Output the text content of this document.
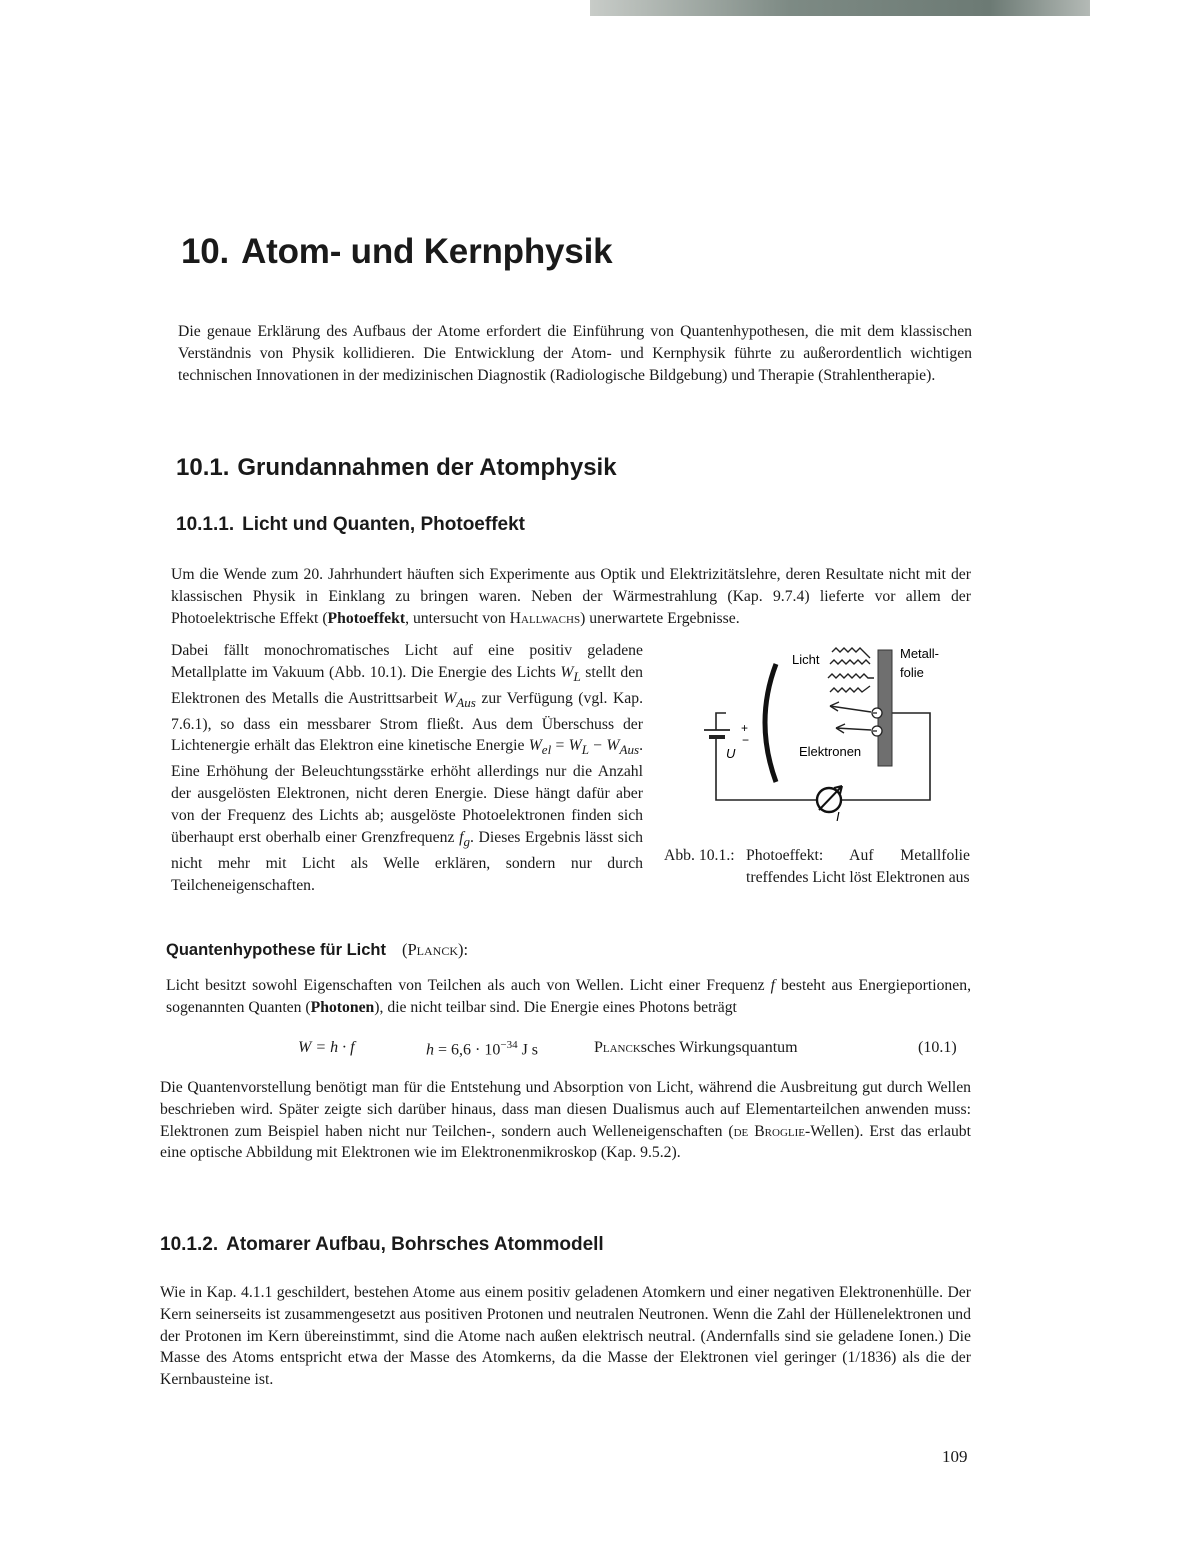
10. Atom- und Kernphysik
Die genaue Erklärung des Aufbaus der Atome erfordert die Einführung von Quantenhypothesen, die mit dem klassischen Verständnis von Physik kollidieren. Die Entwicklung der Atom- und Kernphysik führte zu außerordentlich wichtigen technischen Innovationen in der medizinischen Diagnostik (Radiologische Bildgebung) und Therapie (Strahlentherapie).
10.1. Grundannahmen der Atomphysik
10.1.1. Licht und Quanten, Photoeffekt
Um die Wende zum 20. Jahrhundert häuften sich Experimente aus Optik und Elektrizitätslehre, deren Resultate nicht mit der klassischen Physik in Einklang zu bringen waren. Neben der Wärmestrahlung (Kap. 9.7.4) lieferte vor allem der Photoelektrische Effekt (Photoeffekt, untersucht von Hallwachs) unerwartete Ergebnisse.
Dabei fällt monochromatisches Licht auf eine positiv geladene Metallplatte im Vakuum (Abb. 10.1). Die Energie des Lichts $W_L$ stellt den Elektronen des Metalls die Austrittsarbeit $W_{Aus}$ zur Verfügung (vgl. Kap. 7.6.1), so dass ein messbarer Strom fließt. Aus dem Überschuss der Lichtenergie erhält das Elektron eine kinetische Energie $W_{el} = W_L - W_{Aus}$. Eine Erhöhung der Beleuchtungsstärke erhöht allerdings nur die Anzahl der ausgelösten Elektronen, nicht deren Energie. Diese hängt dafür aber von der Frequenz des Lichts ab; ausgelöste Photoelektronen finden sich überhaupt erst oberhalb einer Grenzfrequenz $f_g$. Dieses Ergebnis lässt sich nicht mehr mit Licht als Welle erklären, sondern nur durch Teilcheneigenschaften.
+
−
U
Licht	Metall-
folie
Elektronen
I
Abb. 10.1.: Photoeffekt: Auf Metallfolie treffendes Licht löst Elektronen aus
Quantenhypothese für Licht (Planck):
Licht besitzt sowohl Eigenschaften von Teilchen als auch von Wellen. Licht einer Frequenz f besteht aus Energieportionen, sogenannten Quanten (Photonen), die nicht teilbar sind. Die Energie eines Photons beträgt
W = h · f	$h = 6,6 \cdot 10^{-34}$ J s	Plancksches Wirkungsquantum	(10.1)
Die Quantenvorstellung benötigt man für die Entstehung und Absorption von Licht, während die Ausbreitung gut durch Wellen beschrieben wird. Später zeigte sich darüber hinaus, dass man diesen Dualismus auch auf Elementarteilchen anwenden muss: Elektronen zum Beispiel haben nicht nur Teilchen-, sondern auch Welleneigenschaften (de Broglie-Wellen). Erst das erlaubt eine optische Abbildung mit Elektronen wie im Elektronenmikroskop (Kap. 9.5.2).
10.1.2. Atomarer Aufbau, Bohrsches Atommodell
Wie in Kap. 4.1.1 geschildert, bestehen Atome aus einem positiv geladenen Atomkern und einer negativen Elektronenhülle. Der Kern seinerseits ist zusammengesetzt aus positiven Protonen und neutralen Neutronen. Wenn die Zahl der Hüllenelektronen und der Protonen im Kern übereinstimmt, sind die Atome nach außen elektrisch neutral. (Andernfalls sind sie geladene Ionen.) Die Masse des Atoms entspricht etwa der Masse des Atomkerns, da die Masse der Elektronen viel geringer (1/1836) als die der Kernbausteine ist.
109
